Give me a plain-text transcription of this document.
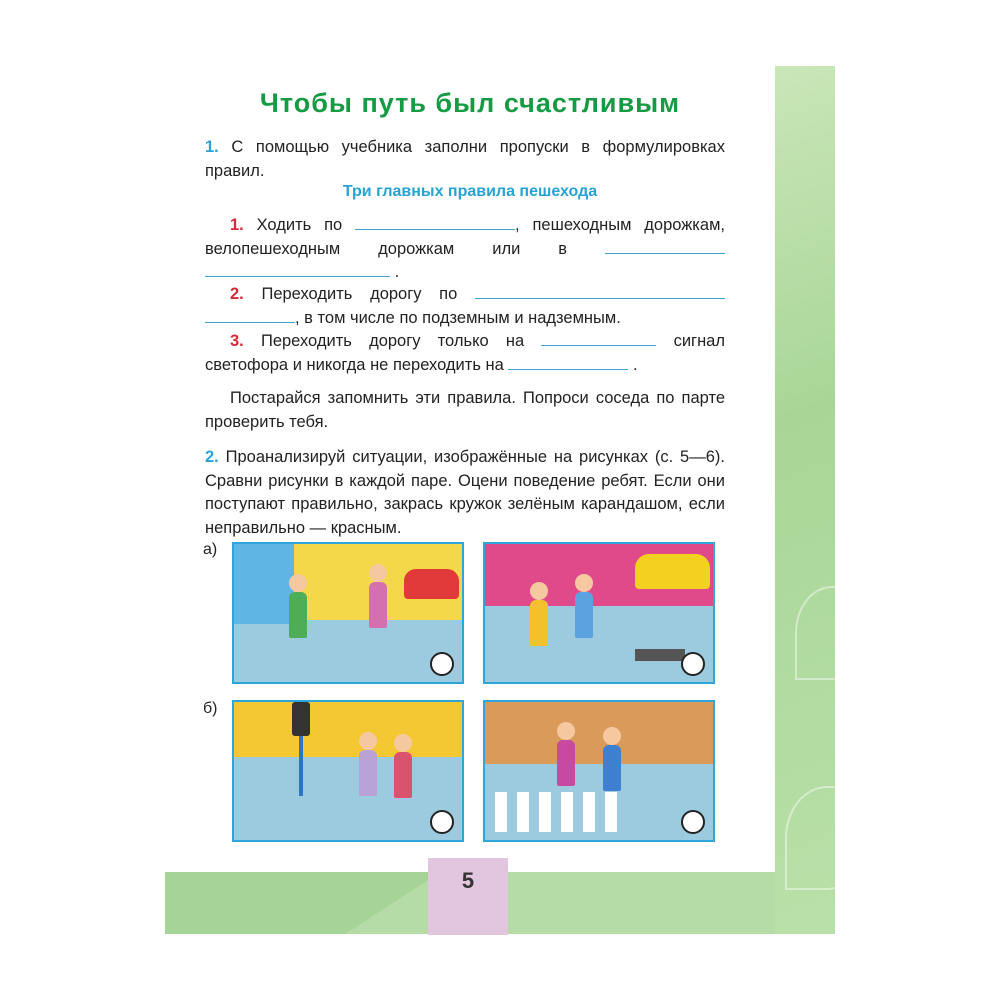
5
Чтобы путь был счастливым
1. С помощью учебника заполни пропуски в формулировках правил.
Три главных правила пешехода
1. Ходить по	, пешеходным дорожкам, велопешеходным дорожкам или в   .
2. Переходить дорогу по  , в том числе по подземным и надземным.
3. Переходить дорогу только на	сигнал светофора и никогда не переходить на	.
Постарайся запомнить эти правила. Попроси соседа по парте проверить тебя.
2. Проанализируй ситуации, изображённые на рисунках (с. 5—6). Сравни рисунки в каждой паре. Оцени поведение ребят. Если они поступают правильно, закрась кружок зелёным карандашом, если неправильно — красным.
а)
б)
